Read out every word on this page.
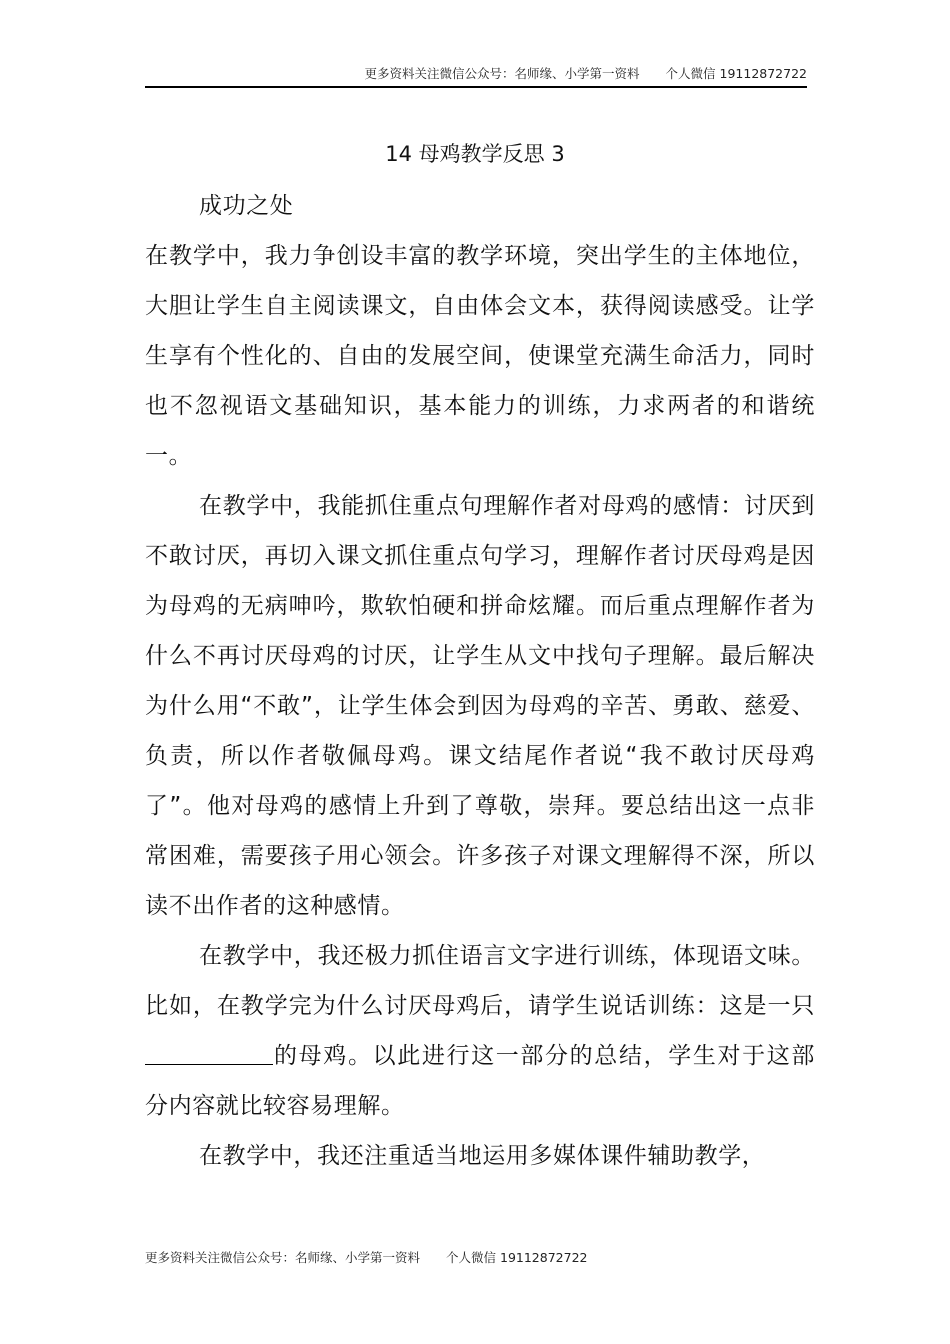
更多资料关注微信公众号：名师缘、小学第一资料 个人微信 19112872722
14 母鸡教学反思 3

成功之处

在教学中，我力争创设丰富的教学环境，突出学生的主体地位，大胆让学生自主阅读课文，自由体会文本，获得阅读感受。让学生享有个性化的、自由的发展空间，使课堂充满生命活力，同时也不忽视语文基础知识，基本能力的训练，力求两者的和谐统一。

在教学中，我能抓住重点句理解作者对母鸡的感情：讨厌到不敢讨厌，再切入课文抓住重点句学习，理解作者讨厌母鸡是因为母鸡的无病呻吟，欺软怕硬和拼命炫耀。而后重点理解作者为什么不再讨厌母鸡的讨厌，让学生从文中找句子理解。最后解决为什么用“不敢”，让学生体会到因为母鸡的辛苦、勇敢、慈爱、负责，所以作者敬佩母鸡。课文结尾作者说“我不敢讨厌母鸡了”。他对母鸡的感情上升到了尊敬，崇拜。要总结出这一点非常困难，需要孩子用心领会。许多孩子对课文理解得不深，所以读不出作者的这种感情。

在教学中，我还极力抓住语言文字进行训练，体现语文味。比如，在教学完为什么讨厌母鸡后，请学生说话训练：这是一只的母鸡。以此进行这一部分的总结，学生对于这部分内容就比较容易理解。

在教学中，我还注重适当地运用多媒体课件辅助教学，

更多资料关注微信公众号：名师缘、小学第一资料 个人微信 19112872722
